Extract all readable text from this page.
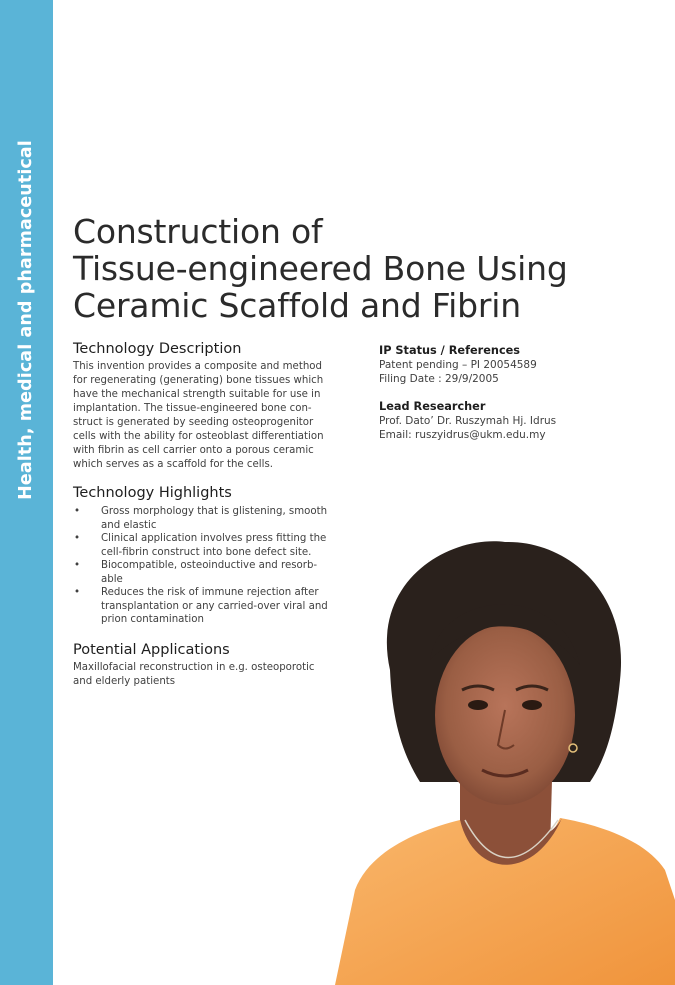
Health, medical and pharmaceutical Construction of
Tissue-engineered Bone Using
Ceramic Scaffold and Fibrin
Technology Description

This invention provides a composite and method
for regenerating (generating) bone tissues which
have the mechanical strength suitable for use in
implantation. The tissue-engineered bone con-
struct is generated by seeding osteoprogenitor
cells with the ability for osteoblast differentiation
with fibrin as cell carrier onto a porous ceramic
which serves as a scaffold for the cells.

Technology Highlights
• Gross morphology that is glistening, smooth
and elastic
• Clinical application involves press fitting the
cell-fibrin construct into bone defect site.
• Biocompatible, osteoinductive and resorb-
able
• Reduces the risk of immune rejection after
transplantation or any carried-over viral and
prion contamination
Potential Applications

Maxillofacial reconstruction in e.g. osteoporotic
and elderly patients

IP Status / References
Patent pending – PI 20054589
Filing Date : 29/9/2005
Lead Researcher
Prof. Dato’ Dr. Ruszymah Hj. Idrus
Email: ruszyidrus@ukm.edu.my
